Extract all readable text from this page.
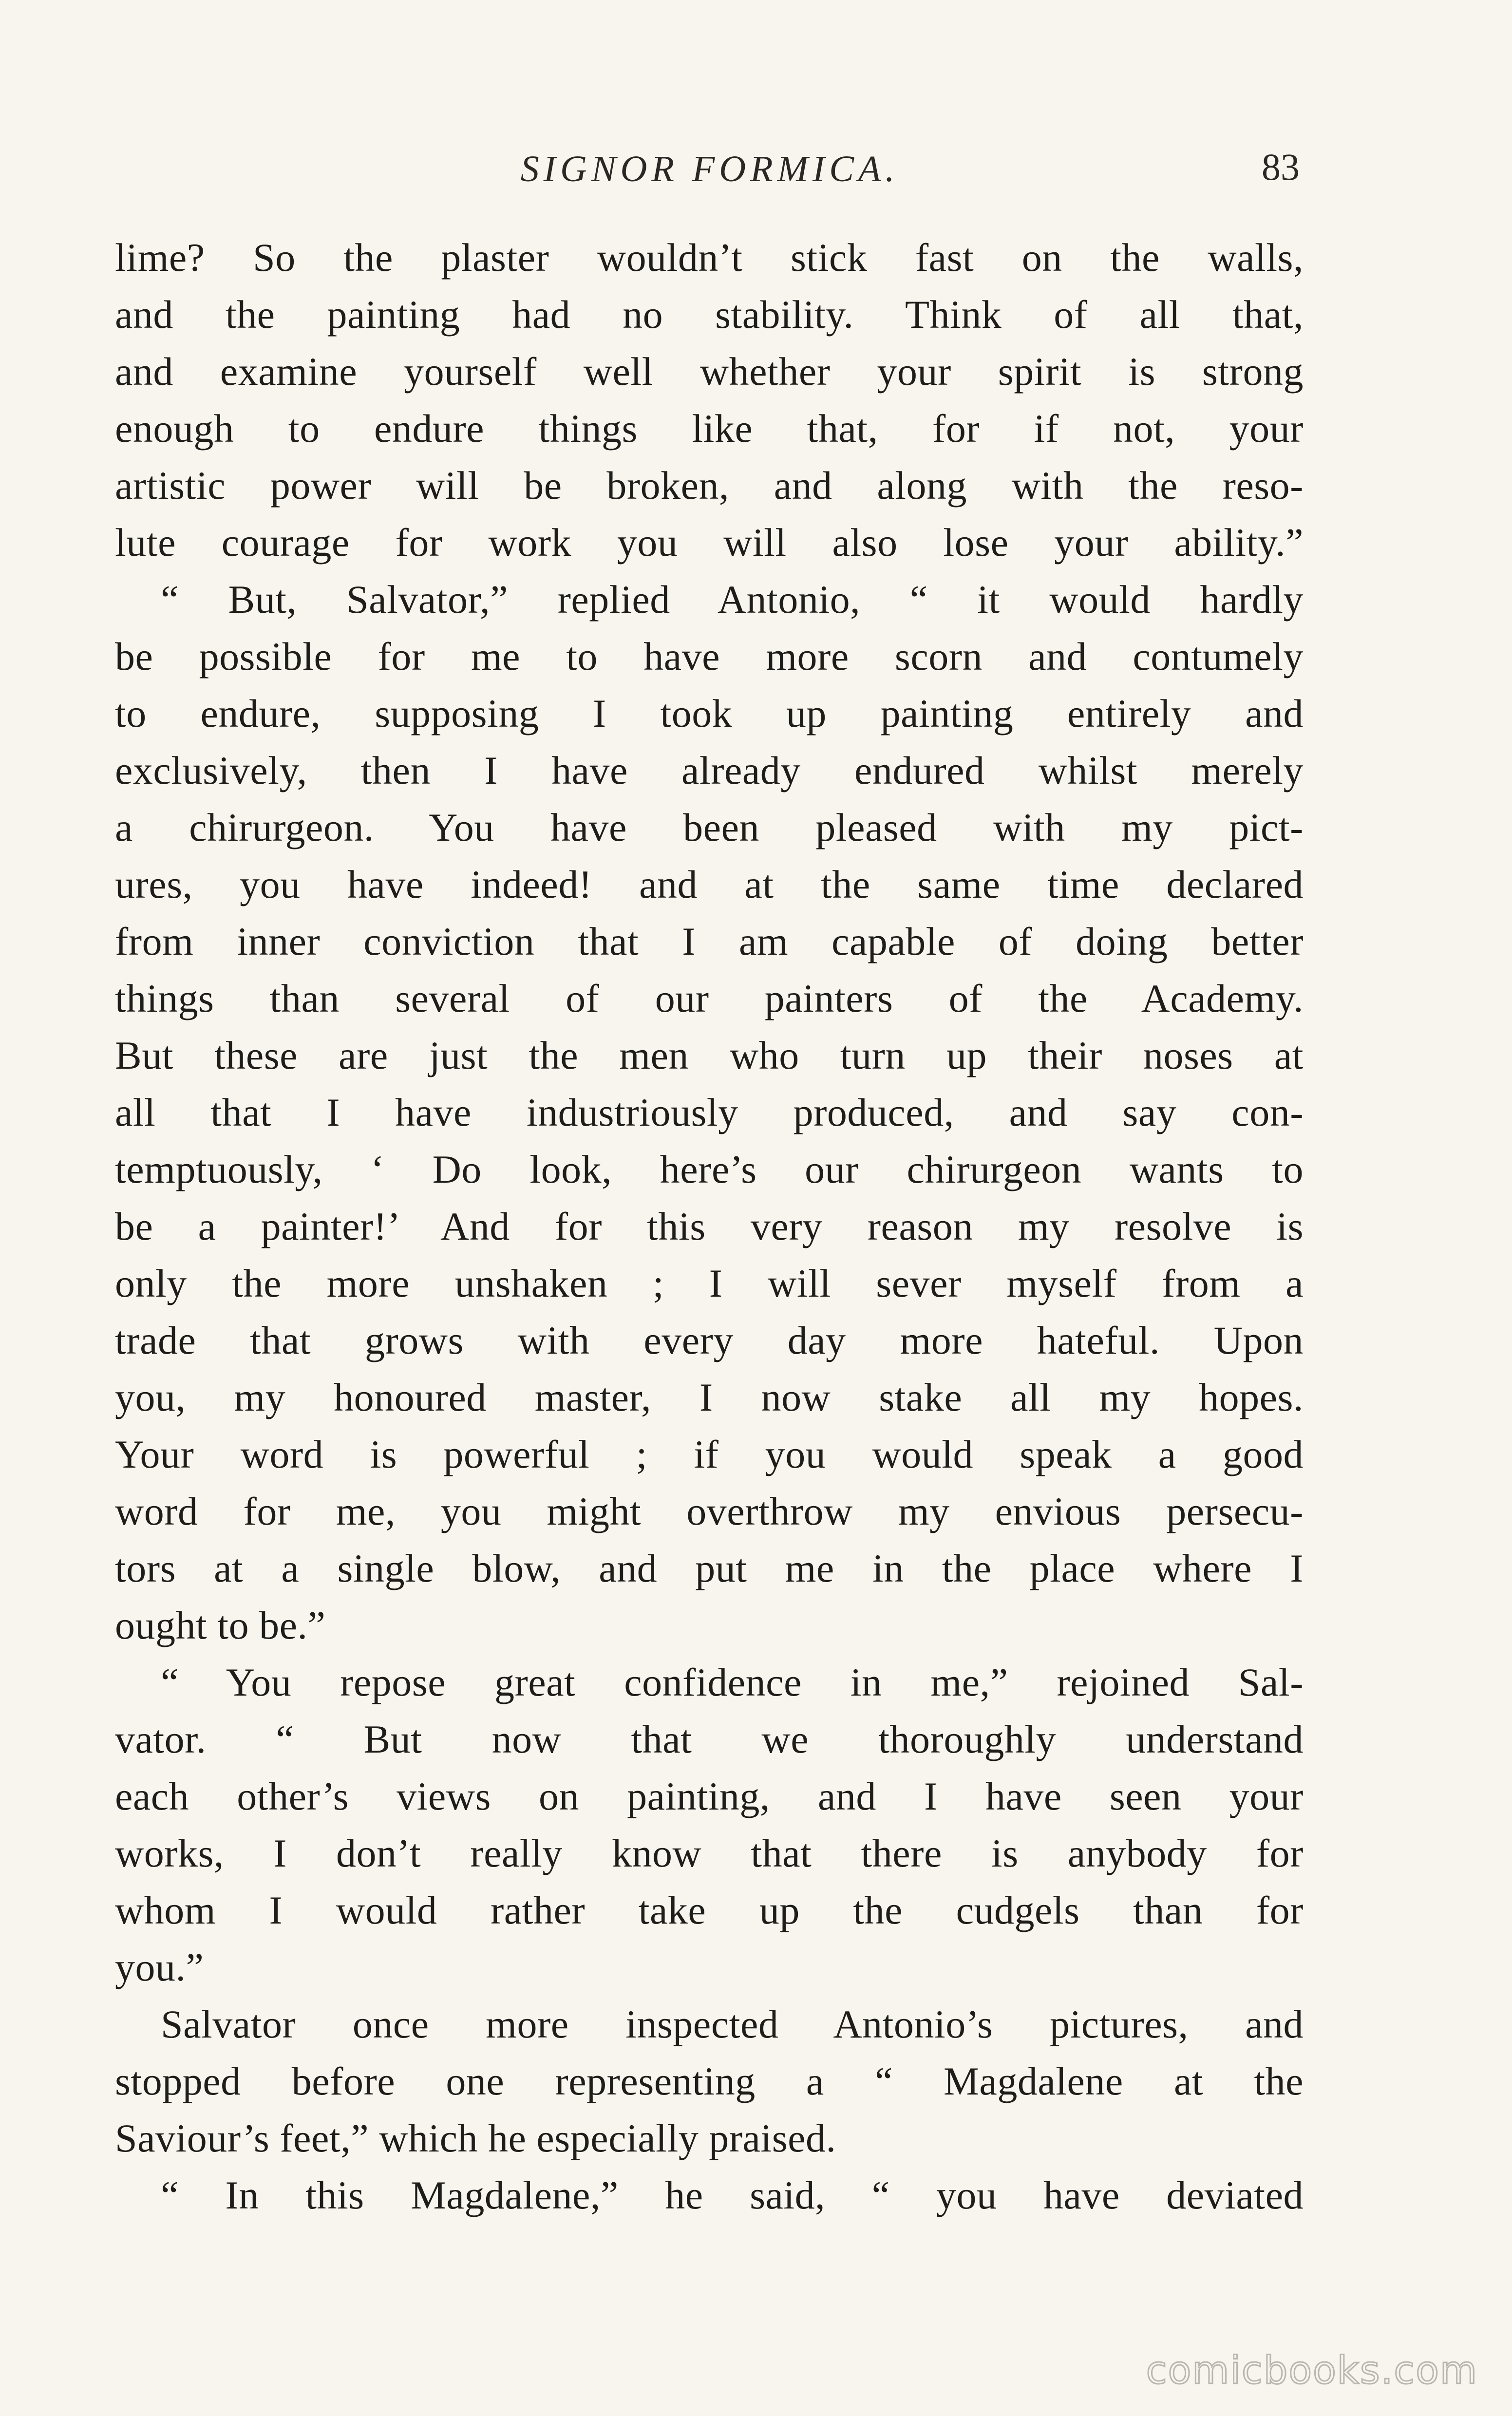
SIGNOR FORMICA.	83
lime? So the plaster wouldn’t stick fast on the walls,
and the painting had no stability. Think of all that,
and examine yourself well whether your spirit is strong
enough to endure things like that, for if not, your
artistic power will be broken, and along with the reso-
lute courage for work you will also lose your ability.”
“ But, Salvator,” replied Antonio, “ it would hardly
be possible for me to have more scorn and contumely
to endure, supposing I took up painting entirely and
exclusively, then I have already endured whilst merely
a chirurgeon. You have been pleased with my pict-
ures, you have indeed! and at the same time declared
from inner conviction that I am capable of doing better
things than several of our painters of the Academy.
But these are just the men who turn up their noses at
all that I have industriously produced, and say con-
temptuously, ‘ Do look, here’s our chirurgeon wants to
be a painter!’ And for this very reason my resolve is
only the more unshaken ; I will sever myself from a
trade that grows with every day more hateful. Upon
you, my honoured master, I now stake all my hopes.
Your word is powerful ; if you would speak a good
word for me, you might overthrow my envious persecu-
tors at a single blow, and put me in the place where I
ought to be.”
“ You repose great confidence in me,” rejoined Sal-
vator. “ But now that we thoroughly understand
each other’s views on painting, and I have seen your
works, I don’t really know that there is anybody for
whom I would rather take up the cudgels than for
you.”
Salvator once more inspected Antonio’s pictures, and
stopped before one representing a “ Magdalene at the
Saviour’s feet,” which he especially praised.
“ In this Magdalene,” he said, “ you have deviated
comicbooks.com
